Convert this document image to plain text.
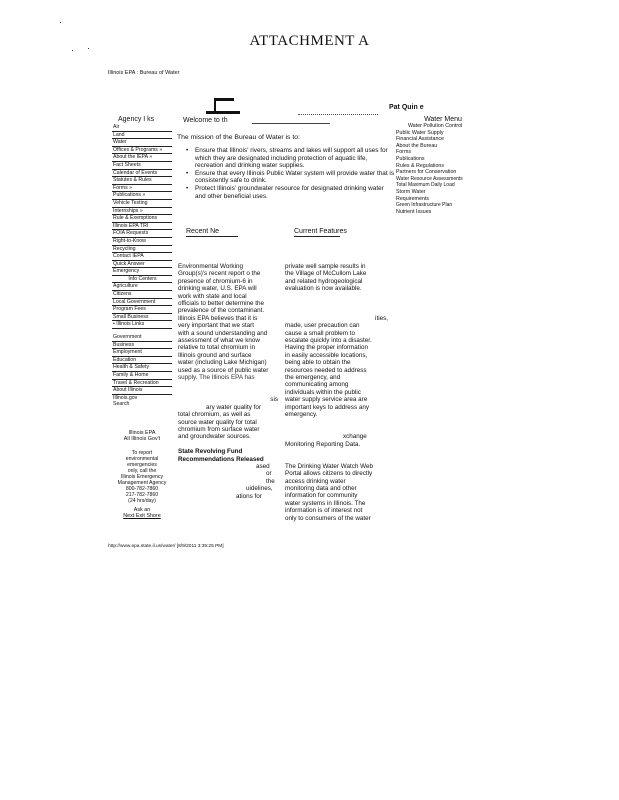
ATTACHMENT A
Illinois EPA : Bureau of Water
Pat Quin e
Agency I ks
Air
Land
Water
Offices & Programs »
About the IEPA »
Fact Sheets
Calendar of Events
Statutes & Rules
Forms »
Publications »
Vehicle Testing
Internships »
Rule & Exemptions
Illinois EPA TRI
FOIA Requests
Right-to-Know
Recycling
Contact IEPA
Quick Answer
Emergency
Info Centers
Agriculture
Citizens
Local Government
Program Fees
Small Business
• Illinois Links
Government
Business
Employment
Education
Health & Safety
Family & Home
Travel & Recreation
About Illinois
Illinois.gov
Search
Illinois EPA
All Illinois Gov't
To report
environmental
emergencies
only, call the
Illinois Emergency
Management Agency
800-782-7860
217-782-7860
(24 hrs/day)
Ask an
Next Exit Shore
Welcome to th
The mission of the Bureau of Water is to:
• Ensure that Illinois' rivers, streams and lakes will support all uses for which they are designated including protection of aquatic life, recreation and drinking water supplies.
• Ensure that every Illinois Public Water system will provide water that is consistently safe to drink.
• Protect Illinois' groundwater resource for designated drinking water and other beneficial uses.
Recent Ne	Current Features
Environmental Working
Group(s)'s recent report o the
presence of chromium-6 in
drinking water, U.S. EPA will
work with state and local
officials to better determine the
prevalence of the contaminant.
Illinois EPA believes that it is
very important that we start
with a sound understanding and
assessment of what we know
relative to total chromium in
Illinois ground and surface
water (including Lake Michigan)
used as a source of public water
supply. The Illinois EPA has
sis
ary water quality for
total chromium, as well as
source water quality for total
chromium from surface water
and groundwater sources.
State Revolving Fund
Recommendations Released
ased
or the
uidelines,
ations for
private well sample results in
the Village of McCullom Lake
and related hydrogeological
evaluation is now available.
ities,
made, user precaution can
cause a small problem to
escalate quickly into a disaster.
Having the proper information
in easily accessible locations,
being able to obtain the
resources needed to address
the emergency, and
communicating among
individuals within the public
water supply service area are
important keys to address any
emergency.
xchange
Monitoring Reporting Data.
The Drinking Water Watch Web
Portal allows citizens to directly
access drinking water
monitoring data and other
information for community
water systems in Illinois. The
information is of interest not
only to consumers of the water
Water Menu
Water Pollution Control
Public Water Supply
Financial Assistance
About the Bureau
Forms
Publications
Rules & Regulations
Partners for Conservation
Water Resource Assessments
Total Maximum Daily Load
Storm Water
Requirements
Green Infrastructure Plan
Nutrient Issues
http://www.epa.state.il.us/water/ [8/9/2011 3:35:25 PM]
